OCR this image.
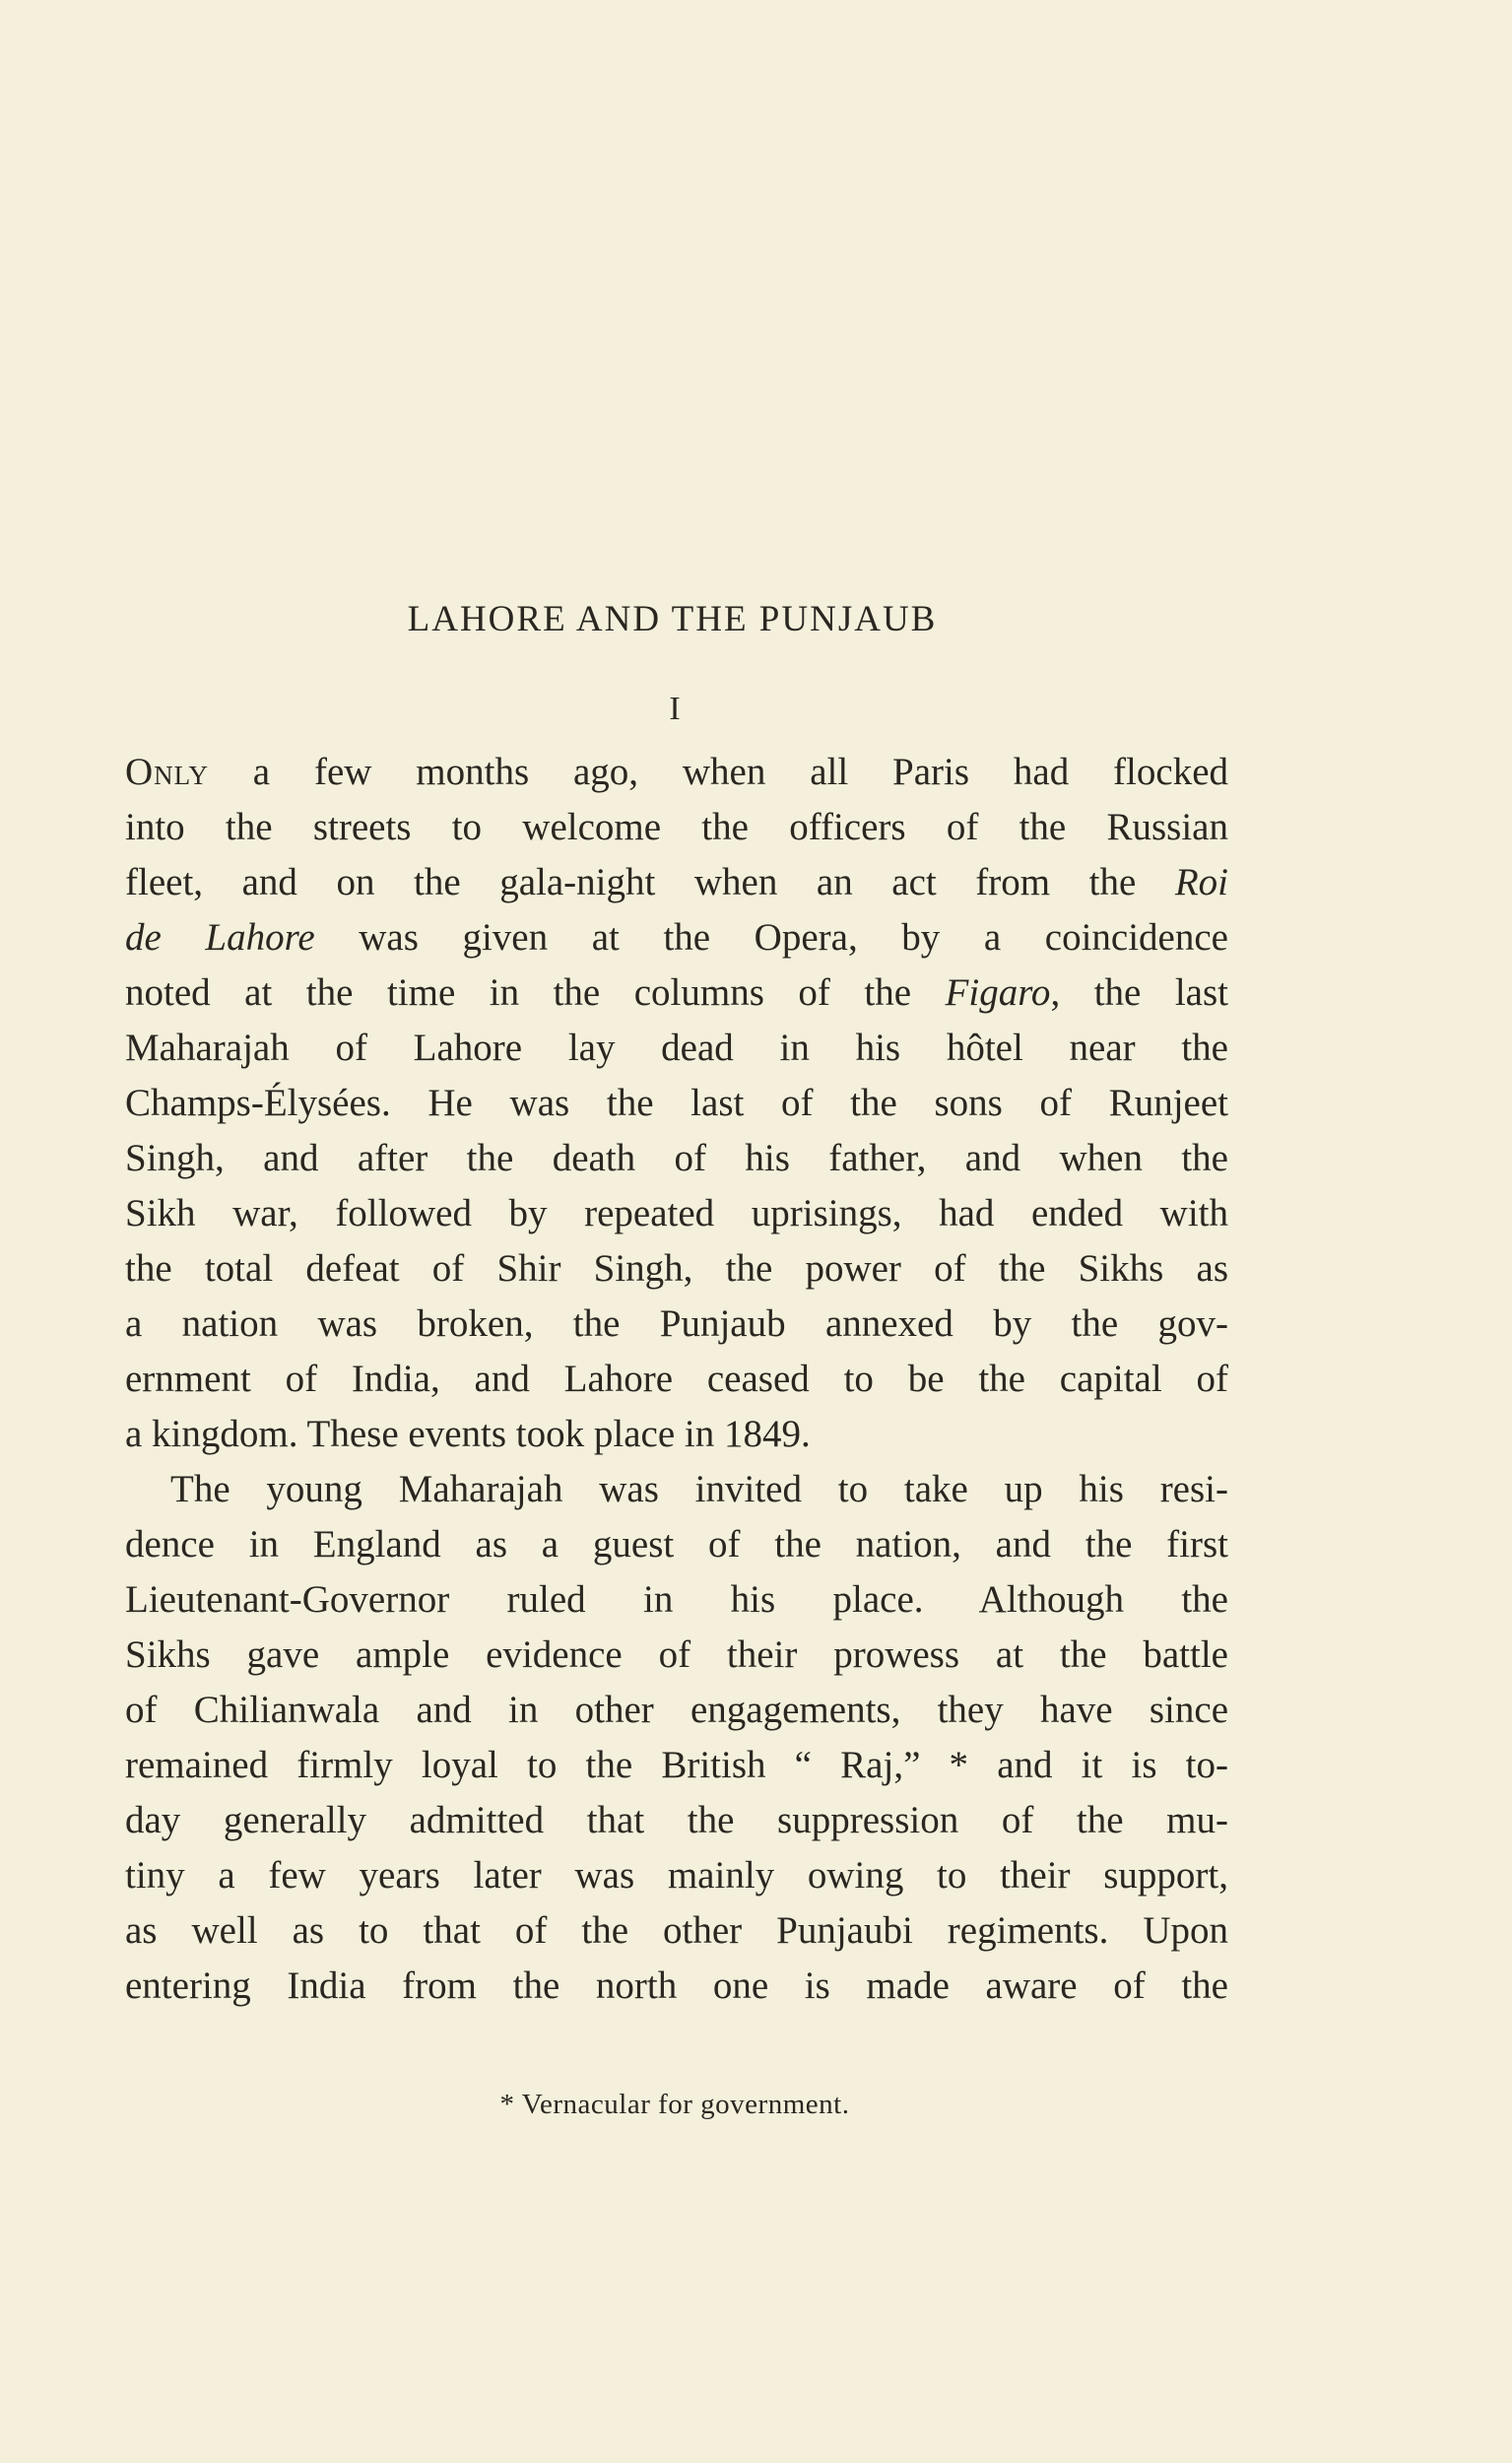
LAHORE AND THE PUNJAUB
I
Only a few months ago, when all Paris had flocked
into the streets to welcome the officers of the Russian
fleet, and on the gala-night when an act from the Roi
de Lahore was given at the Opera, by a coincidence
noted at the time in the columns of the Figaro, the last
Maharajah of Lahore lay dead in his hôtel near the
Champs-Élysées. He was the last of the sons of Runjeet
Singh, and after the death of his father, and when the
Sikh war, followed by repeated uprisings, had ended with
the total defeat of Shir Singh, the power of the Sikhs as
a nation was broken, the Punjaub annexed by the gov-
ernment of India, and Lahore ceased to be the capital of
a kingdom. These events took place in 1849.
The young Maharajah was invited to take up his resi-
dence in England as a guest of the nation, and the first
Lieutenant-Governor ruled in his place. Although the
Sikhs gave ample evidence of their prowess at the battle
of Chilianwala and in other engagements, they have since
remained firmly loyal to the British “ Raj,” * and it is to-
day generally admitted that the suppression of the mu-
tiny a few years later was mainly owing to their support,
as well as to that of the other Punjaubi regiments. Upon
entering India from the north one is made aware of the
* Vernacular for government.
